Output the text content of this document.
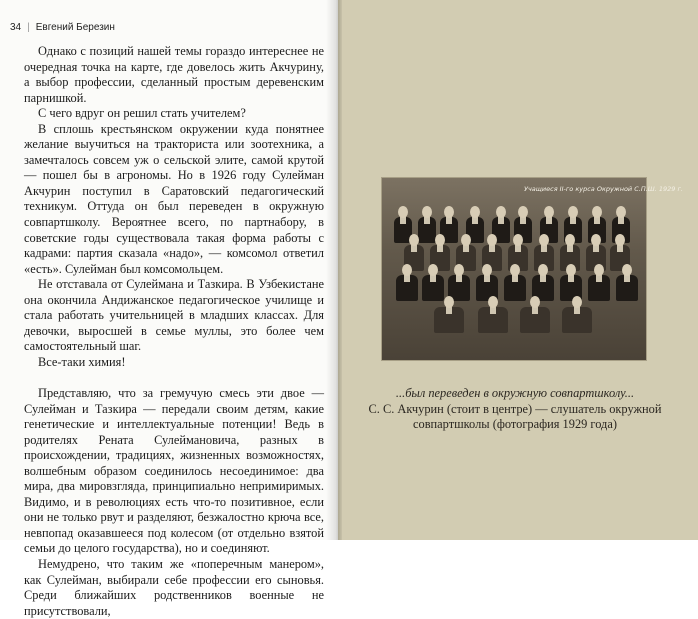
34 | Евгений Березин

Однако с позиций нашей темы гораздо интереснее не очередная точка на карте, где довелось жить Акчурину, а выбор профессии, сделанный простым деревенским парнишкой.

С чего вдруг он решил стать учителем?

В сплошь крестьянском окружении куда понятнее желание выучиться на тракториста или зоотехника, а замечталось совсем уж о сельской элите, самой крутой — пошел бы в агрономы. Но в 1926 году Сулейман Акчурин поступил в Саратовский педагогический техникум. Оттуда он был переведен в окружную совпартшколу. Вероятнее всего, по партнабору, в советские годы существовала такая форма работы с кадрами: партия сказала «надо», — комсомол ответил «есть». Сулейман был комсомольцем.

Не отставала от Сулеймана и Тазкира. В Узбекистане она окончила Андижанское педагогическое училище и стала работать учительницей в младших классах. Для девочки, выросшей в семье муллы, это более чем самостоятельный шаг.

Все-таки химия!

Представляю, что за гремучую смесь эти двое — Сулейман и Тазкира — передали своим детям, какие генетические и интеллектуальные потенции! Ведь в родителях Рената Сулеймановича, разных в происхождении, традициях, жизненных возможностях, волшебным образом соединилось несоединимое: два мира, два мировзгляда, принципиально непримиримых. Видимо, и в революциях есть что-то позитивное, если они не только рвут и разделяют, безжалостно крюча все, невпопад оказавшееся под колесом (от отдельно взятой семьи до целого государства), но и соединяют.

Немудрено, что таким же «поперечным манером», как Сулейман, выбирали себе профессии его сыновья. Среди ближайших родственников военные не присутствовали,

Учащиеся II-го курса Окружной С.П.Ш. 1929 г.
...был переведен в окружную совпартшколу...
С. С. Акчурин (стоит в центре) — слушатель окружной совпартшколы (фотография 1929 года)
